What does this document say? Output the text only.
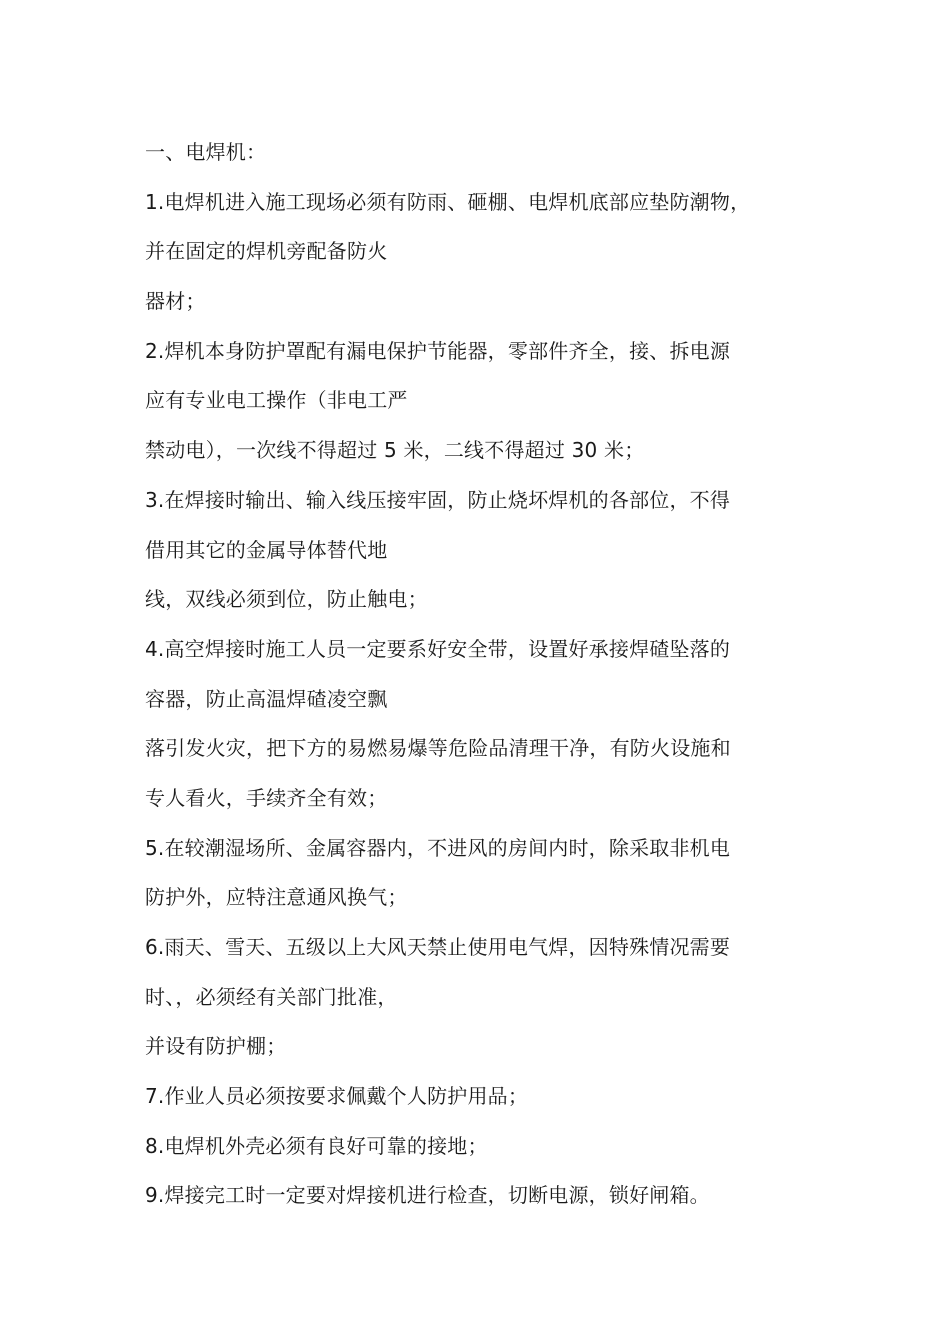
一、电焊机：
1.电焊机进入施工现场必须有防雨、砸棚、电焊机底部应垫防潮物，
并在固定的焊机旁配备防火
器材；
2.焊机本身防护罩配有漏电保护节能器，零部件齐全，接、拆电源
应有专业电工操作（非电工严
禁动电），一次线不得超过 5 米，二线不得超过 30 米；
3.在焊接时输出、输入线压接牢固，防止烧坏焊机的各部位，不得
借用其它的金属导体替代地
线，双线必须到位，防止触电；
4.高空焊接时施工人员一定要系好安全带，设置好承接焊碴坠落的
容器，防止高温焊碴凌空飘
落引发火灾，把下方的易燃易爆等危险品清理干净，有防火设施和
专人看火，手续齐全有效；
5.在较潮湿场所、金属容器内，不进风的房间内时，除采取非机电
防护外，应特注意通风换气；
6.雨天、雪天、五级以上大风天禁止使用电气焊，因特殊情况需要
时、，必须经有关部门批准，
并设有防护棚；
7.作业人员必须按要求佩戴个人防护用品；
8.电焊机外壳必须有良好可靠的接地；
9.焊接完工时一定要对焊接机进行检查，切断电源，锁好闸箱。
